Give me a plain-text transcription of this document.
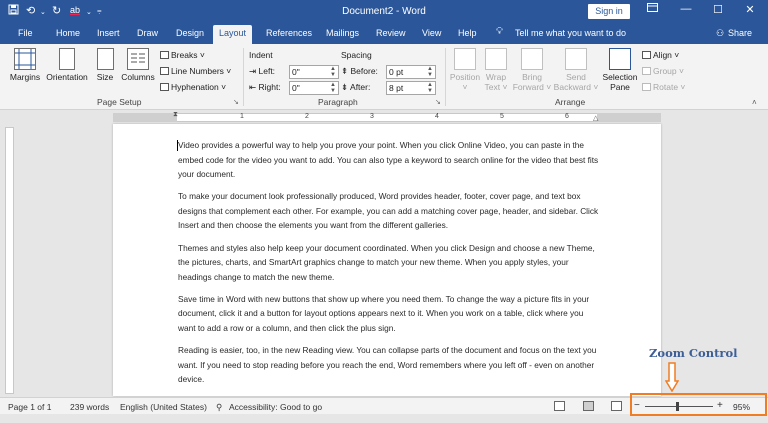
⟲ ⌄ ↻ ab ⌄ ⩦	Document2 - Word	Sign in	—	☐	✕
File	Home Insert Draw Design	Layout	References Mailings Review View Help 💡︎ Tell me what you want to do	⚇ Share
Margins Orientation	Size Columns
Breaks ˅
Line Numbers ˅
Hyphenation ˅
Page Setup	↘
Indent	Spacing
⇥ Left:	0"	▲
▼
⇤ Right:	0"	▲
▼
⇞ Before:	0 pt	▲
▼
⇟ After:	8 pt	▲
▼
Paragraph	↘
Position
˅
Wrap Text ˅
Bring Forward ˅
Send Backward ˅
Selection Pane
Align ˅
Group ˅
Rotate ˅
Arrange	˄
1	2	3	4	5	6
⧗
△

Video provides a powerful way to help you prove your point. When you click Online Video, you can paste in the embed code for the video you want to add. You can also type a keyword to search online for the video that best fits your document.

To make your document look professionally produced, Word provides header, footer, cover page, and text box designs that complement each other. For example, you can add a matching cover page, header, and sidebar. Click Insert and then choose the elements you want from the different galleries.

Themes and styles also help keep your document coordinated. When you click Design and choose a new Theme, the pictures, charts, and SmartArt graphics change to match your new theme. When you apply styles, your headings change to match the new theme.

Save time in Word with new buttons that show up where you need them. To change the way a picture fits in your document, click it and a button for layout options appears next to it. When you work on a table, click where you want to add a row or a column, and then click the plus sign.

Reading is easier, too, in the new Reading view. You can collapse parts of the document and focus on the text you want. If you need to stop reading before you reach the end, Word remembers where you left off - even on another device.

Page 1 of 1 239 words English (United States) ⚲ Accessibility: Good to go	−	+ 95%
Zoom Control
